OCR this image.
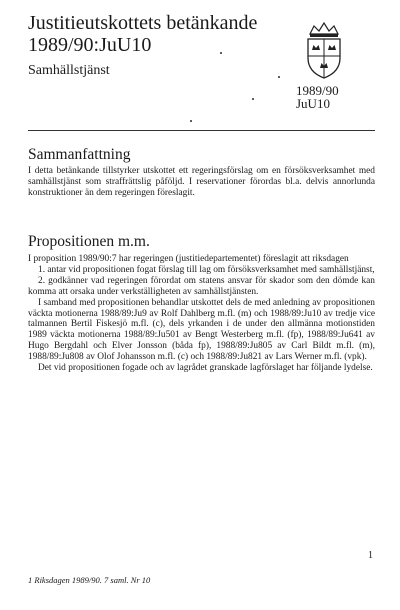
Justitieutskottets betänkande
1989/90:JuU10
Samhällstjänst
1989/90
JuU10
Sammanfattning

I detta betänkande tillstyrker utskottet ett regeringsförslag om en försöksverksamhet med samhällstjänst som straffrättslig påföljd. I reservationer förordas bl.a. delvis annorlunda konstruktioner än dem regeringen föreslagit.

Propositionen m.m.

I proposition 1989/90:7 har regeringen (justitiedepartementet) föreslagit att riksdagen

1. antar vid propositionen fogat förslag till lag om försöksverksamhet med samhällstjänst,

2. godkänner vad regeringen förordat om statens ansvar för skador som den dömde kan komma att orsaka under verkställigheten av samhällstjänsten.

I samband med propositionen behandlar utskottet dels de med anledning av propositionen väckta motionerna 1988/89:Ju9 av Rolf Dahlberg m.fl. (m) och 1988/89:Ju10 av tredje vice talmannen Bertil Fiskesjö m.fl. (c), dels yrkanden i de under den allmänna motionstiden 1989 väckta motionerna 1988/89:Ju501 av Bengt Westerberg m.fl. (fp), 1988/89:Ju641 av Hugo Bergdahl och Elver Jonsson (båda fp), 1988/89:Ju805 av Carl Bildt m.fl. (m), 1988/89:Ju808 av Olof Johansson m.fl. (c) och 1988/89:Ju821 av Lars Werner m.fl. (vpk).

Det vid propositionen fogade och av lagrådet granskade lagförslaget har följande lydelse.

1
1 Riksdagen 1989/90. 7 saml. Nr 10
